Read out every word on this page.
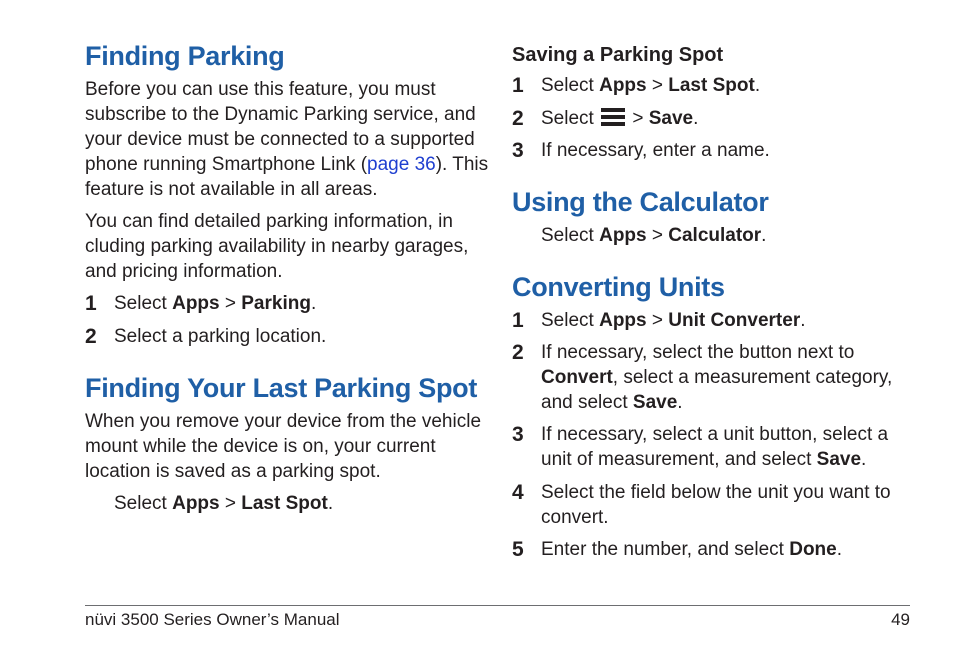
Finding Parking
Before you can use this feature, you must
subscribe to the Dynamic Parking service, and
your device must be connected to a supported
phone running Smartphone Link (page 36). This
feature is not available in all areas.
You can find detailed parking information, in
cluding parking availability in nearby garages,
and pricing information.
1 Select Apps > Parking.
2 Select a parking location.
Finding Your Last Parking Spot
When you remove your device from the vehicle
mount while the device is on, your current
location is saved as a parking spot.
Select Apps > Last Spot.
Saving a Parking Spot
1 Select Apps > Last Spot.
2 Select
> Save.
3 If necessary, enter a name.
Using the Calculator
Select Apps > Calculator.
Converting Units
1 Select Apps > Unit Converter.
2 If necessary, select the button next to
Convert, select a measurement category,
and select Save.
3 If necessary, select a unit button, select a
unit of measurement, and select Save.
4 Select the field below the unit you want to
convert.
5 Enter the number, and select Done.
nüvi 3500 Series Owner’s Manual	49
